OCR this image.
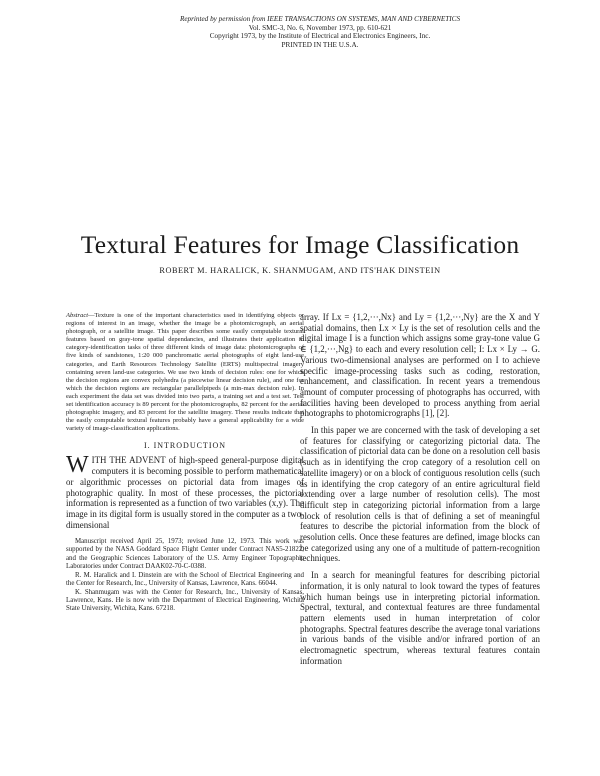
Reprinted by permission from IEEE TRANSACTIONS ON SYSTEMS, MAN AND CYBERNETICS
Vol. SMC-3, No. 6, November 1973, pp. 610-621
Copyright 1973, by the Institute of Electrical and Electronics Engineers, Inc.
PRINTED IN THE U.S.A.
Textural Features for Image Classification
ROBERT M. HARALICK, K. SHANMUGAM, AND ITS'HAK DINSTEIN
Abstract—Texture is one of the important characteristics used in identifying objects or regions of interest in an image, whether the image be a photomicrograph, an aerial photograph, or a satellite image. This paper describes some easily computable textural features based on gray-tone spatial dependancies, and illustrates their application in category-identification tasks of three different kinds of image data: photomicrographs of five kinds of sandstones, 1:20 000 panchromatic aerial photographs of eight land-use categories, and Earth Resources Technology Satellite (ERTS) multispectral imagery containing seven land-use categories. We use two kinds of decision rules: one for which the decision regions are convex polyhedra (a piecewise linear decision rule), and one for which the decision regions are rectangular parallelpipeds (a min-max decision rule). In each experiment the data set was divided into two parts, a training set and a test set. Test set identification accuracy is 89 percent for the photomicrographs, 82 percent for the aerial photographic imagery, and 83 percent for the satellite imagery. These results indicate that the easily computable textural features probably have a general applicability for a wide variety of image-classification applications.
I. INTRODUCTION

WITH THE ADVENT of high-speed general-purpose digital computers it is becoming possible to perform mathematical or algorithmic processes on pictorial data from images of photographic quality. In most of these processes, the pictorial information is represented as a function of two variables (x,y). The image in its digital form is usually stored in the computer as a two-dimensional

Manuscript received April 25, 1973; revised June 12, 1973. This work was supported by the NASA Goddard Space Flight Center under Contract NAS5-21822, and the Geographic Sciences Laboratory of the U.S. Army Engineer Topographic Laboratories under Contract DAAK02-70-C-0388.

R. M. Haralick and I. Dinstein are with the School of Electrical Engineering and the Center for Research, Inc., University of Kansas, Lawrence, Kans. 66044.

K. Shanmugam was with the Center for Research, Inc., University of Kansas, Lawrence, Kans. He is now with the Department of Electrical Engineering, Wichita State University, Wichita, Kans. 67218.

array. If Lx = {1,2,···,Nx} and Ly = {1,2,···,Ny} are the X and Y spatial domains, then Lx × Ly is the set of resolution cells and the digital image I is a function which assigns some gray-tone value G ∈ {1,2,···,Ng} to each and every resolution cell; I: Lx × Ly → G. Various two-dimensional analyses are performed on I to achieve specific image-processing tasks such as coding, restoration, enhancement, and classification. In recent years a tremendous amount of computer processing of photographs has occurred, with facilities having been developed to process anything from aerial photographs to photomicrographs [1], [2].

In this paper we are concerned with the task of developing a set of features for classifying or categorizing pictorial data. The classification of pictorial data can be done on a resolution cell basis (such as in identifying the crop category of a resolution cell on satellite imagery) or on a block of contiguous resolution cells (such as in identifying the crop category of an entire agricultural field extending over a large number of resolution cells). The most difficult step in categorizing pictorial information from a large block of resolution cells is that of defining a set of meaningful features to describe the pictorial information from the block of resolution cells. Once these features are defined, image blocks can be categorized using any one of a multitude of pattern-recognition techniques.

In a search for meaningful features for describing pictorial information, it is only natural to look toward the types of features which human beings use in interpreting pictorial information. Spectral, textural, and contextual features are three fundamental pattern elements used in human interpretation of color photographs. Spectral features describe the average tonal variations in various bands of the visible and/or infrared portion of an electromagnetic spectrum, whereas textural features contain information
